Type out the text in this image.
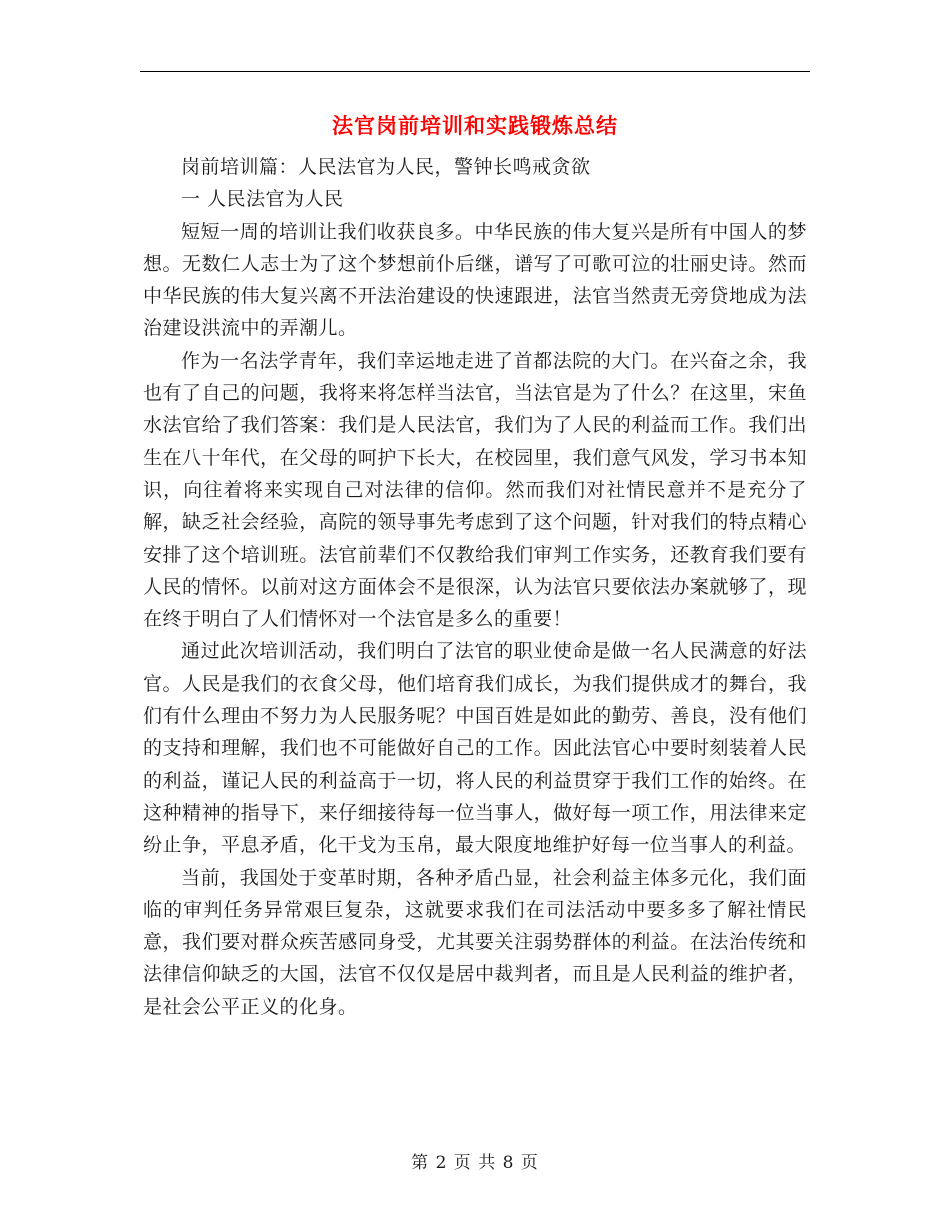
法官岗前培训和实践锻炼总结

岗前培训篇：人民法官为人民，警钟长鸣戒贪欲

一 人民法官为人民

短短一周的培训让我们收获良多。中华民族的伟大复兴是所有中国人的梦想。无数仁人志士为了这个梦想前仆后继，谱写了可歌可泣的壮丽史诗。然而中华民族的伟大复兴离不开法治建设的快速跟进，法官当然责无旁贷地成为法治建设洪流中的弄潮儿。

作为一名法学青年，我们幸运地走进了首都法院的大门。在兴奋之余，我也有了自己的问题，我将来将怎样当法官，当法官是为了什么？在这里，宋鱼水法官给了我们答案：我们是人民法官，我们为了人民的利益而工作。我们出生在八十年代，在父母的呵护下长大，在校园里，我们意气风发，学习书本知识，向往着将来实现自己对法律的信仰。然而我们对社情民意并不是充分了解，缺乏社会经验，高院的领导事先考虑到了这个问题，针对我们的特点精心安排了这个培训班。法官前辈们不仅教给我们审判工作实务，还教育我们要有人民的情怀。以前对这方面体会不是很深，认为法官只要依法办案就够了，现在终于明白了人们情怀对一个法官是多么的重要！

通过此次培训活动，我们明白了法官的职业使命是做一名人民满意的好法官。人民是我们的衣食父母，他们培育我们成长，为我们提供成才的舞台，我们有什么理由不努力为人民服务呢？中国百姓是如此的勤劳、善良，没有他们的支持和理解，我们也不可能做好自己的工作。因此法官心中要时刻装着人民的利益，谨记人民的利益高于一切，将人民的利益贯穿于我们工作的始终。在这种精神的指导下，来仔细接待每一位当事人，做好每一项工作，用法律来定纷止争，平息矛盾，化干戈为玉帛，最大限度地维护好每一位当事人的利益。

当前，我国处于变革时期，各种矛盾凸显，社会利益主体多元化，我们面临的审判任务异常艰巨复杂，这就要求我们在司法活动中要多多了解社情民意，我们要对群众疾苦感同身受，尤其要关注弱势群体的利益。在法治传统和法律信仰缺乏的大国，法官不仅仅是居中裁判者，而且是人民利益的维护者，是社会公平正义的化身。

第 2 页 共 8 页
